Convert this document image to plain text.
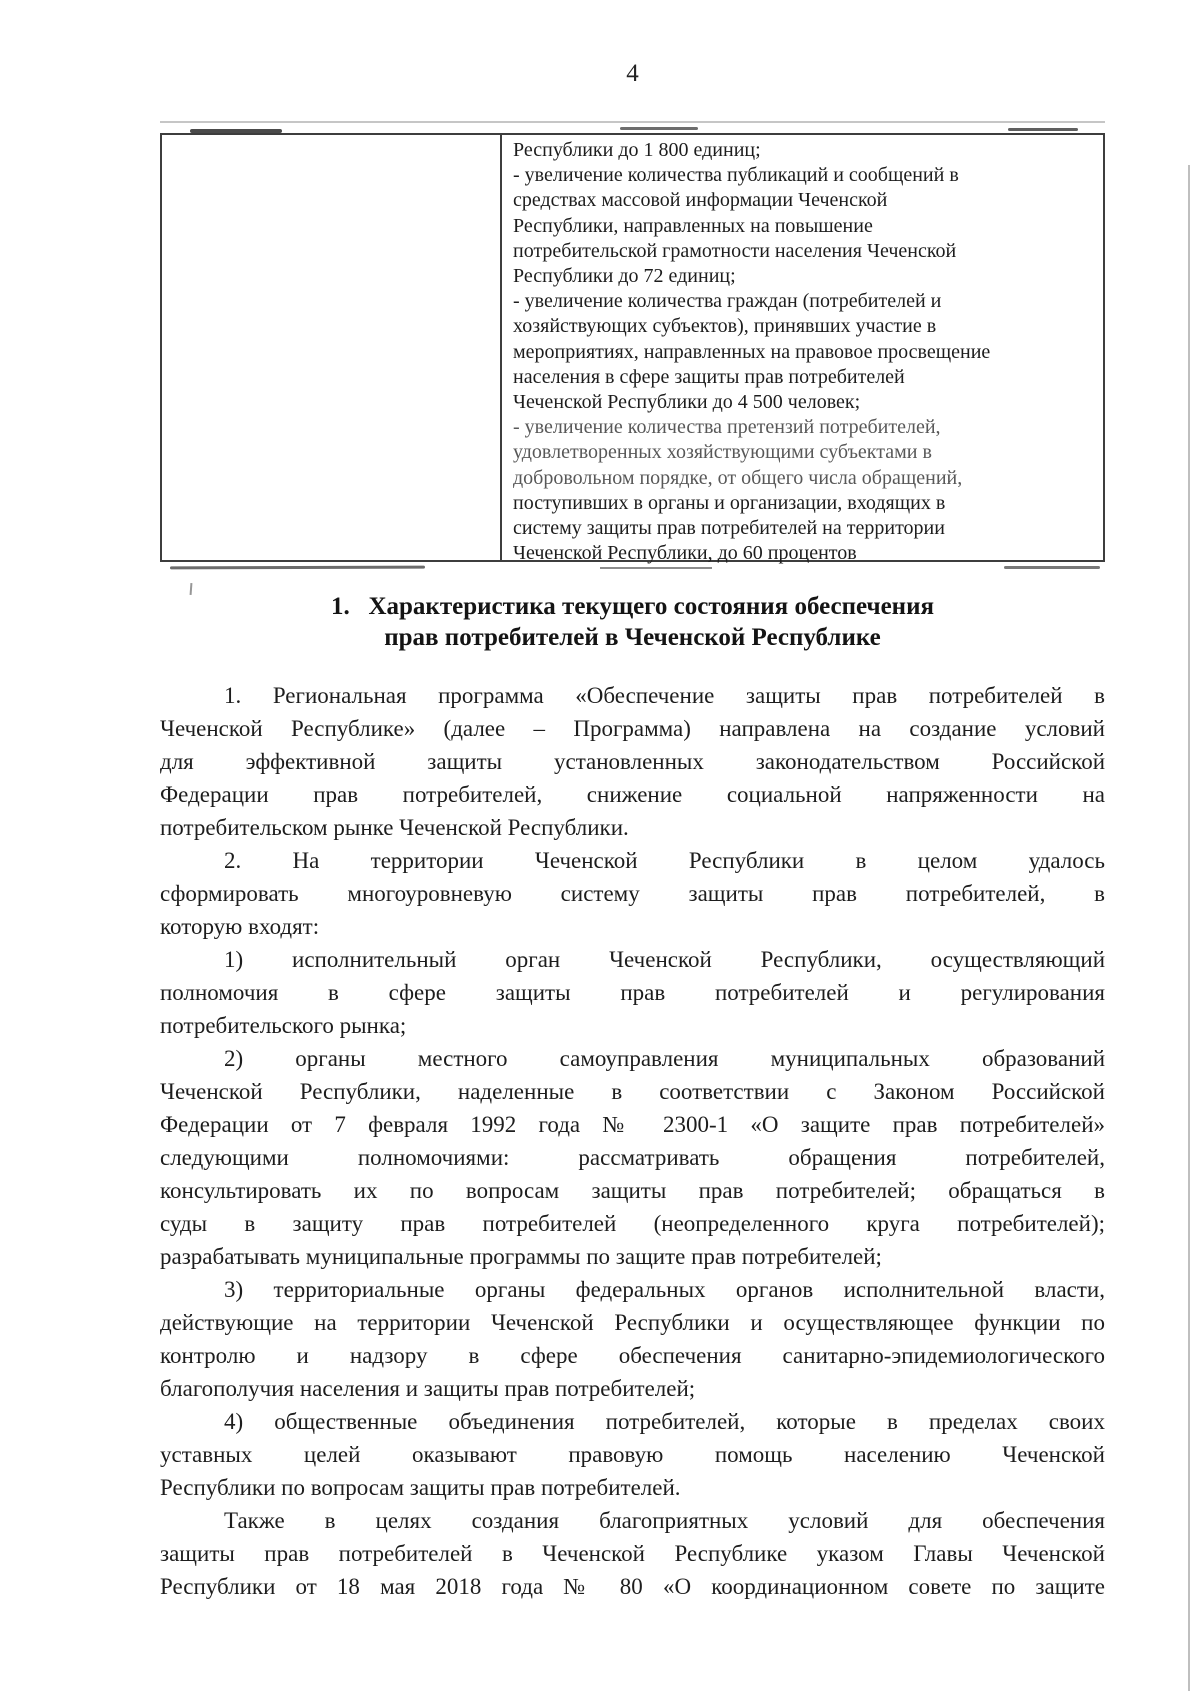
4
Республики до 1 800 единиц;
- увеличение количества публикаций и сообщений в
средствах массовой информации Чеченской
Республики, направленных на повышение
потребительской грамотности населения Чеченской
Республики до 72 единиц;
- увеличение количества граждан (потребителей и
хозяйствующих субъектов), принявших участие в
мероприятиях, направленных на правовое просвещение
населения в сфере защиты прав потребителей
Чеченской Республики до 4 500 человек;
- увеличение количества претензий потребителей,
удовлетворенных хозяйствующими субъектами в
добровольном порядке, от общего числа обращений,
поступивших в органы и организации, входящих в
систему защиты прав потребителей на территории
Чеченской Республики, до 60 процентов
1.   Характеристика текущего состояния обеспечения
прав потребителей в Чеченской Республике
1. Региональная программа «Обеспечение защиты прав потребителей в
Чеченской Республике» (далее – Программа) направлена на создание условий
для эффективной защиты установленных законодательством Российской
Федерации прав потребителей, снижение социальной напряженности на
потребительском рынке Чеченской Республики.
2. На территории Чеченской Республики в целом удалось
сформировать многоуровневую систему защиты прав потребителей, в
которую входят:
1) исполнительный орган Чеченской Республики, осуществляющий
полномочия в сфере защиты прав потребителей и регулирования
потребительского рынка;
2) органы местного самоуправления муниципальных образований
Чеченской Республики, наделенные в соответствии с Законом Российской
Федерации от 7 февраля 1992 года № 2300-1 «О защите прав потребителей»
следующими полномочиями: рассматривать обращения потребителей,
консультировать их по вопросам защиты прав потребителей; обращаться в
суды в защиту прав потребителей (неопределенного круга потребителей);
разрабатывать муниципальные программы по защите прав потребителей;
3) территориальные органы федеральных органов исполнительной власти,
действующие на территории Чеченской Республики и осуществляющее функции по
контролю и надзору в сфере обеспечения санитарно-эпидемиологического
благополучия населения и защиты прав потребителей;
4) общественные объединения потребителей, которые в пределах своих
уставных целей оказывают правовую помощь населению Чеченской
Республики по вопросам защиты прав потребителей.
Также в целях создания благоприятных условий для обеспечения
защиты прав потребителей в Чеченской Республике указом Главы Чеченской
Республики от 18 мая 2018 года № 80 «О координационном совете по защите
